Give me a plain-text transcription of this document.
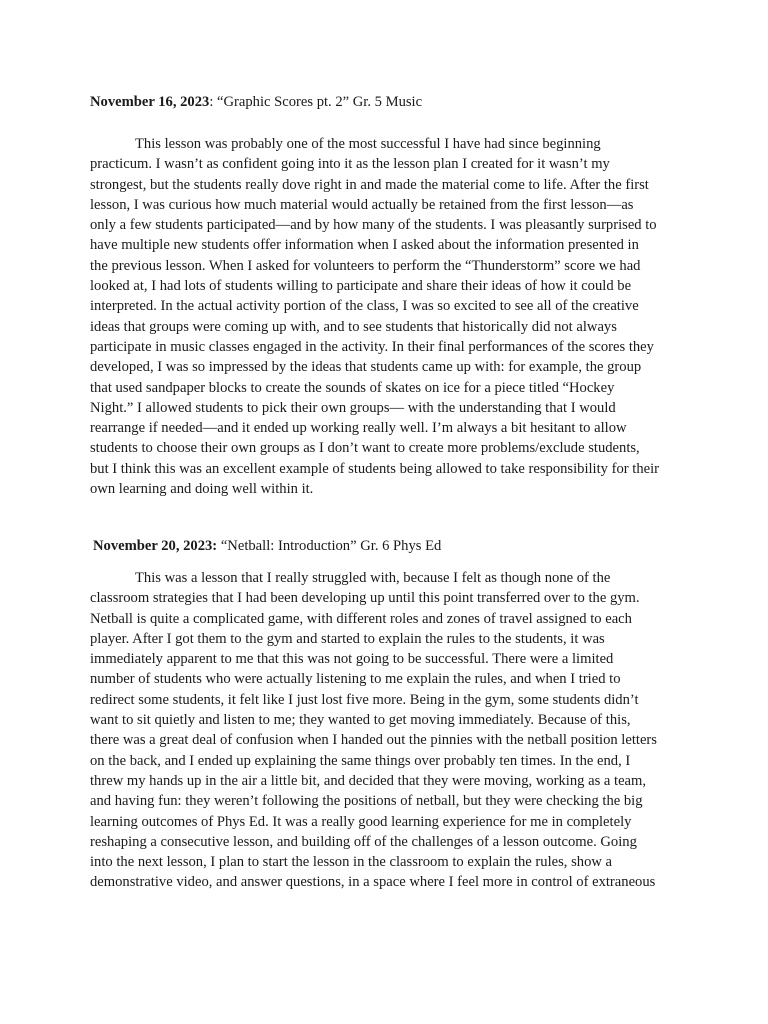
November 16, 2023: “Graphic Scores pt. 2” Gr. 5 Music

This lesson was probably one of the most successful I have had since beginning
practicum. I wasn’t as confident going into it as the lesson plan I created for it wasn’t my
strongest, but the students really dove right in and made the material come to life. After the first
lesson, I was curious how much material would actually be retained from the first lesson—as
only a few students participated—and by how many of the students. I was pleasantly surprised to
have multiple new students offer information when I asked about the information presented in
the previous lesson. When I asked for volunteers to perform the “Thunderstorm” score we had
looked at, I had lots of students willing to participate and share their ideas of how it could be
interpreted. In the actual activity portion of the class, I was so excited to see all of the creative
ideas that groups were coming up with, and to see students that historically did not always
participate in music classes engaged in the activity. In their final performances of the scores they
developed, I was so impressed by the ideas that students came up with: for example, the group
that used sandpaper blocks to create the sounds of skates on ice for a piece titled “Hockey
Night.” I allowed students to pick their own groups— with the understanding that I would
rearrange if needed—and it ended up working really well. I’m always a bit hesitant to allow
students to choose their own groups as I don’t want to create more problems/exclude students,
but I think this was an excellent example of students being allowed to take responsibility for their
own learning and doing well within it.

November 20, 2023: “Netball: Introduction” Gr. 6 Phys Ed

This was a lesson that I really struggled with, because I felt as though none of the
classroom strategies that I had been developing up until this point transferred over to the gym.
Netball is quite a complicated game, with different roles and zones of travel assigned to each
player. After I got them to the gym and started to explain the rules to the students, it was
immediately apparent to me that this was not going to be successful. There were a limited
number of students who were actually listening to me explain the rules, and when I tried to
redirect some students, it felt like I just lost five more. Being in the gym, some students didn’t
want to sit quietly and listen to me; they wanted to get moving immediately. Because of this,
there was a great deal of confusion when I handed out the pinnies with the netball position letters
on the back, and I ended up explaining the same things over probably ten times. In the end, I
threw my hands up in the air a little bit, and decided that they were moving, working as a team,
and having fun: they weren’t following the positions of netball, but they were checking the big
learning outcomes of Phys Ed. It was a really good learning experience for me in completely
reshaping a consecutive lesson, and building off of the challenges of a lesson outcome. Going
into the next lesson, I plan to start the lesson in the classroom to explain the rules, show a
demonstrative video, and answer questions, in a space where I feel more in control of extraneous
